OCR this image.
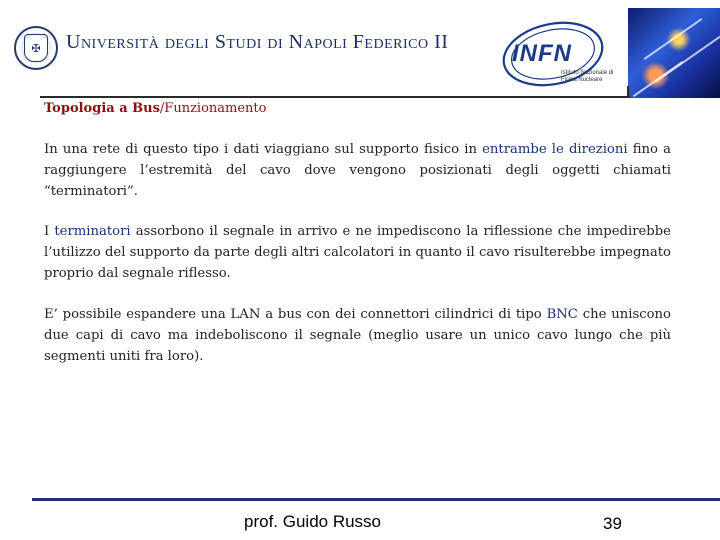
✠	Università degli Studi di Napoli Federico II	INFN
Istituto Nazionale di Fisica Nucleare
Topologia a Bus/Funzionamento
In una rete di questo tipo i dati viaggiano sul supporto fisico in entrambe le direzioni fino a raggiungere l’estremità del cavo dove vengono posizionati degli oggetti chiamati “terminatori”.
I terminatori assorbono il segnale in arrivo e ne impediscono la riflessione che impedirebbe l’utilizzo del supporto da parte degli altri calcolatori in quanto il cavo risulterebbe impegnato proprio dal segnale riflesso.
E’ possibile espandere una LAN a bus con dei connettori cilindrici di tipo BNC che uniscono due capi di cavo ma indeboliscono il segnale (meglio usare un unico cavo lungo che più segmenti uniti fra loro).
prof. Guido Russo	39
